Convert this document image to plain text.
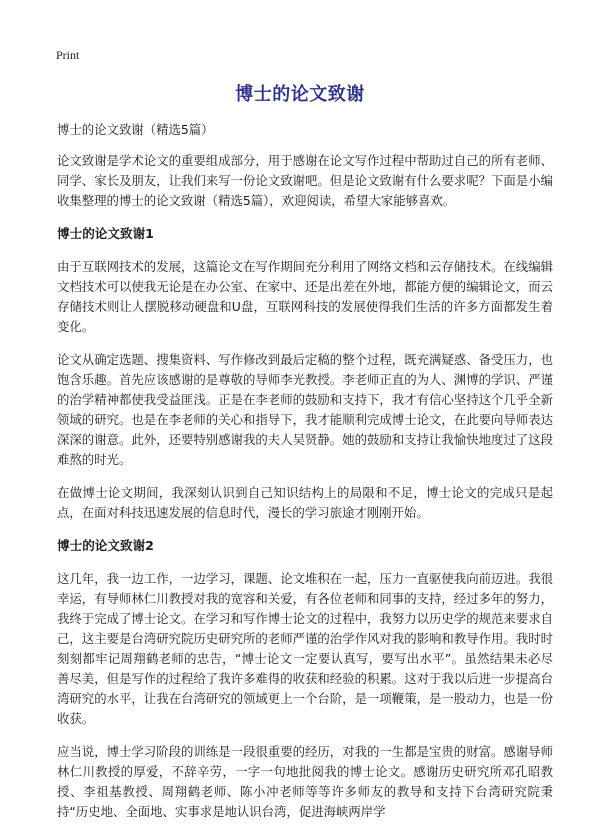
Print
博士的论文致谢

博士的论文致谢（精选5篇）

论文致谢是学术论文的重要组成部分，用于感谢在论文写作过程中帮助过自己的所有老师、同学、家长及朋友，让我们来写一份论文致谢吧。但是论文致谢有什么要求呢？下面是小编收集整理的博士的论文致谢（精选5篇），欢迎阅读，希望大家能够喜欢。

博士的论文致谢1

由于互联网技术的发展，这篇论文在写作期间充分利用了网络文档和云存储技术。在线编辑文档技术可以使我无论是在办公室、在家中、还是出差在外地，都能方便的编辑论文，而云存储技术则让人摆脱移动硬盘和U盘，互联网科技的发展使得我们生活的许多方面都发生着变化。

论文从确定选题、搜集资料、写作修改到最后定稿的整个过程，既充满疑惑、备受压力，也饱含乐趣。首先应该感谢的是尊敬的导师李光教授。李老师正直的为人、渊博的学识、严谨的治学精神都使我受益匪浅。正是在李老师的鼓励和支持下，我才有信心坚持这个几乎全新领域的研究。也是在李老师的关心和指导下，我才能顺利完成博士论文，在此要向导师表达深深的谢意。此外，还要特别感谢我的夫人吴贤静。她的鼓励和支持让我愉快地度过了这段难熬的时光。

在做博士论文期间，我深刻认识到自己知识结构上的局限和不足，博士论文的完成只是起点，在面对科技迅速发展的信息时代，漫长的学习旅途才刚刚开始。

博士的论文致谢2

这几年，我一边工作，一边学习，课题、论文堆积在一起，压力一直驱使我向前迈进。我很幸运，有导师林仁川教授对我的宽容和关爱，有各位老师和同事的支持，经过多年的努力，我终于完成了博士论文。在学习和写作博士论文的过程中，我努力以历史学的规范来要求自己，这主要是台湾研究院历史研究所的老师严谨的治学作风对我的影响和教导作用。我时时刻刻都牢记周翔鹤老师的忠告，“博士论文一定要认真写，要写出水平”。虽然结果未必尽善尽美，但是写作的过程给了我许多难得的收获和经验的积累。这对于我以后进一步提高台湾研究的水平，让我在台湾研究的领域更上一个台阶，是一项鞭策，是一股动力，也是一份收获。

应当说，博士学习阶段的训练是一段很重要的经历，对我的一生都是宝贵的财富。感谢导师林仁川教授的厚爱，不辞辛劳，一字一句地批阅我的博士论文。感谢历史研究所邓孔昭教授、李祖基教授、周翔鹤老师、陈小冲老师等等许多师友的教导和支持下台湾研究院秉持“历史地、全面地、实事求是地认识台湾，促进海峡两岸学
